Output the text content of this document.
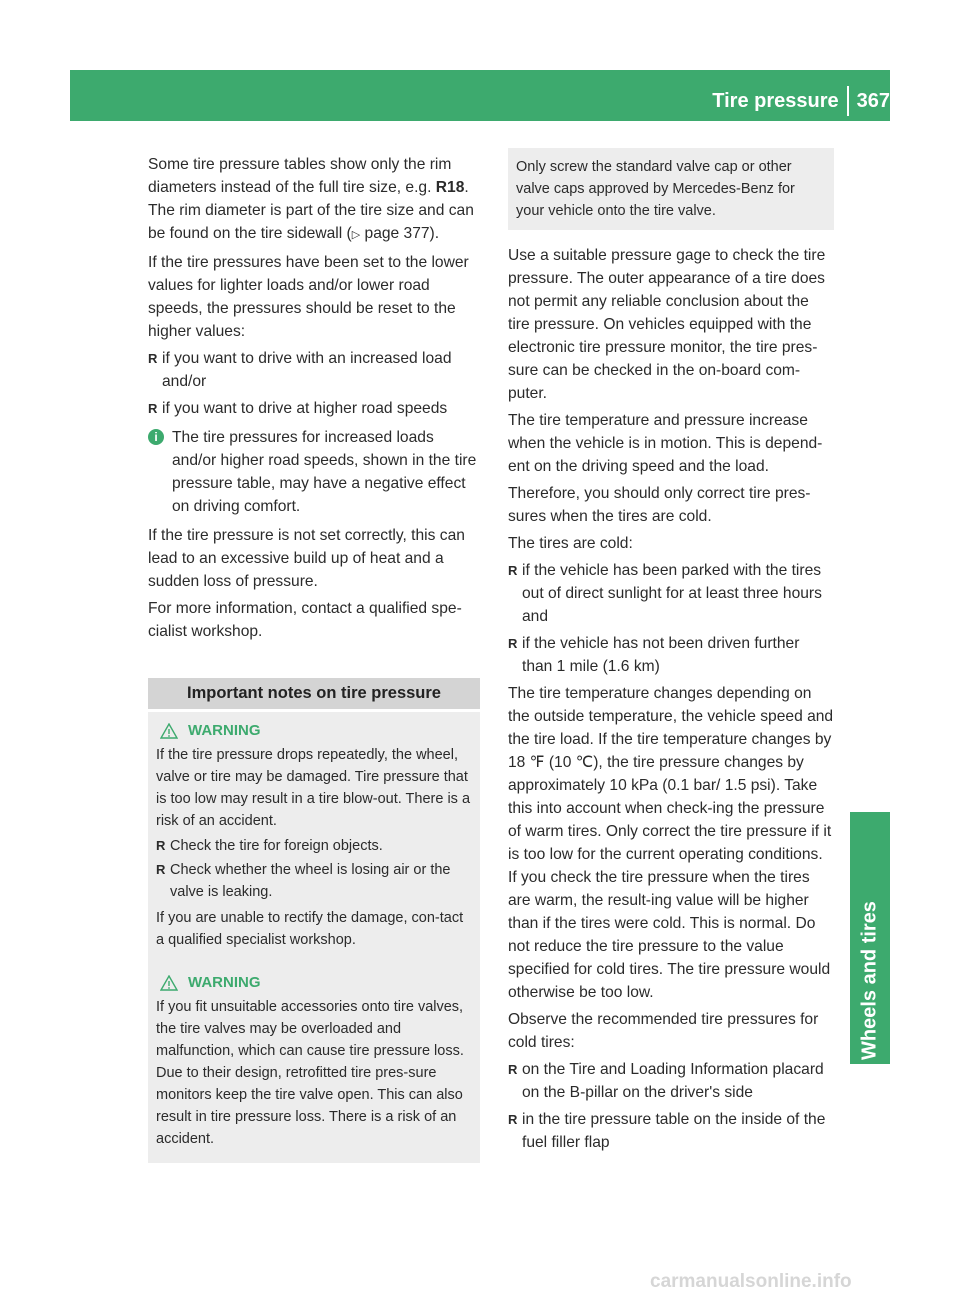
Tire pressure 367
Wheels and tires

Some tire pressure tables show only the rim diameters instead of the full tire size, e.g. R18. The rim diameter is part of the tire size and can be found on the tire sidewall (▷ page 377).

If the tire pressures have been set to the lower values for lighter loads and/or lower road speeds, the pressures should be reset to the higher values:

R if you want to drive with an increased load and/or
R if you want to drive at higher road speeds
i The tire pressures for increased loads and/or higher road speeds, shown in the tire pressure table, may have a negative effect on driving comfort.

If the tire pressure is not set correctly, this can lead to an excessive build up of heat and a sudden loss of pressure.

For more information, contact a qualified spe-cialist workshop.

Important notes on tire pressure
WARNING

If the tire pressure drops repeatedly, the wheel, valve or tire may be damaged. Tire pressure that is too low may result in a tire blow-out. There is a risk of an accident.

R Check the tire for foreign objects.
R Check whether the wheel is losing air or the valve is leaking.

If you are unable to rectify the damage, con-tact a qualified specialist workshop.

WARNING

If you fit unsuitable accessories onto tire valves, the tire valves may be overloaded and malfunction, which can cause tire pressure loss. Due to their design, retrofitted tire pres-sure monitors keep the tire valve open. This can also result in tire pressure loss. There is a risk of an accident.

Only screw the standard valve cap or other valve caps approved by Mercedes-Benz for your vehicle onto the tire valve.

Use a suitable pressure gage to check the tire pressure. The outer appearance of a tire does not permit any reliable conclusion about the tire pressure. On vehicles equipped with the electronic tire pressure monitor, the tire pres-sure can be checked in the on-board com-puter.

The tire temperature and pressure increase when the vehicle is in motion. This is depend-ent on the driving speed and the load.

Therefore, you should only correct tire pres-sures when the tires are cold.

The tires are cold:

R if the vehicle has been parked with the tires out of direct sunlight for at least three hours and
R if the vehicle has not been driven further than 1 mile (1.6 km)

The tire temperature changes depending on the outside temperature, the vehicle speed and the tire load. If the tire temperature changes by 18 ℉ (10 ℃), the tire pressure changes by approximately 10 kPa (0.1 bar/ 1.5 psi). Take this into account when check-ing the pressure of warm tires. Only correct the tire pressure if it is too low for the current operating conditions. If you check the tire pressure when the tires are warm, the result-ing value will be higher than if the tires were cold. This is normal. Do not reduce the tire pressure to the value specified for cold tires. The tire pressure would otherwise be too low.

Observe the recommended tire pressures for cold tires:

R on the Tire and Loading Information placard on the B-pillar on the driver's side
R in the tire pressure table on the inside of the fuel filler flap
carmanualsonline.info
